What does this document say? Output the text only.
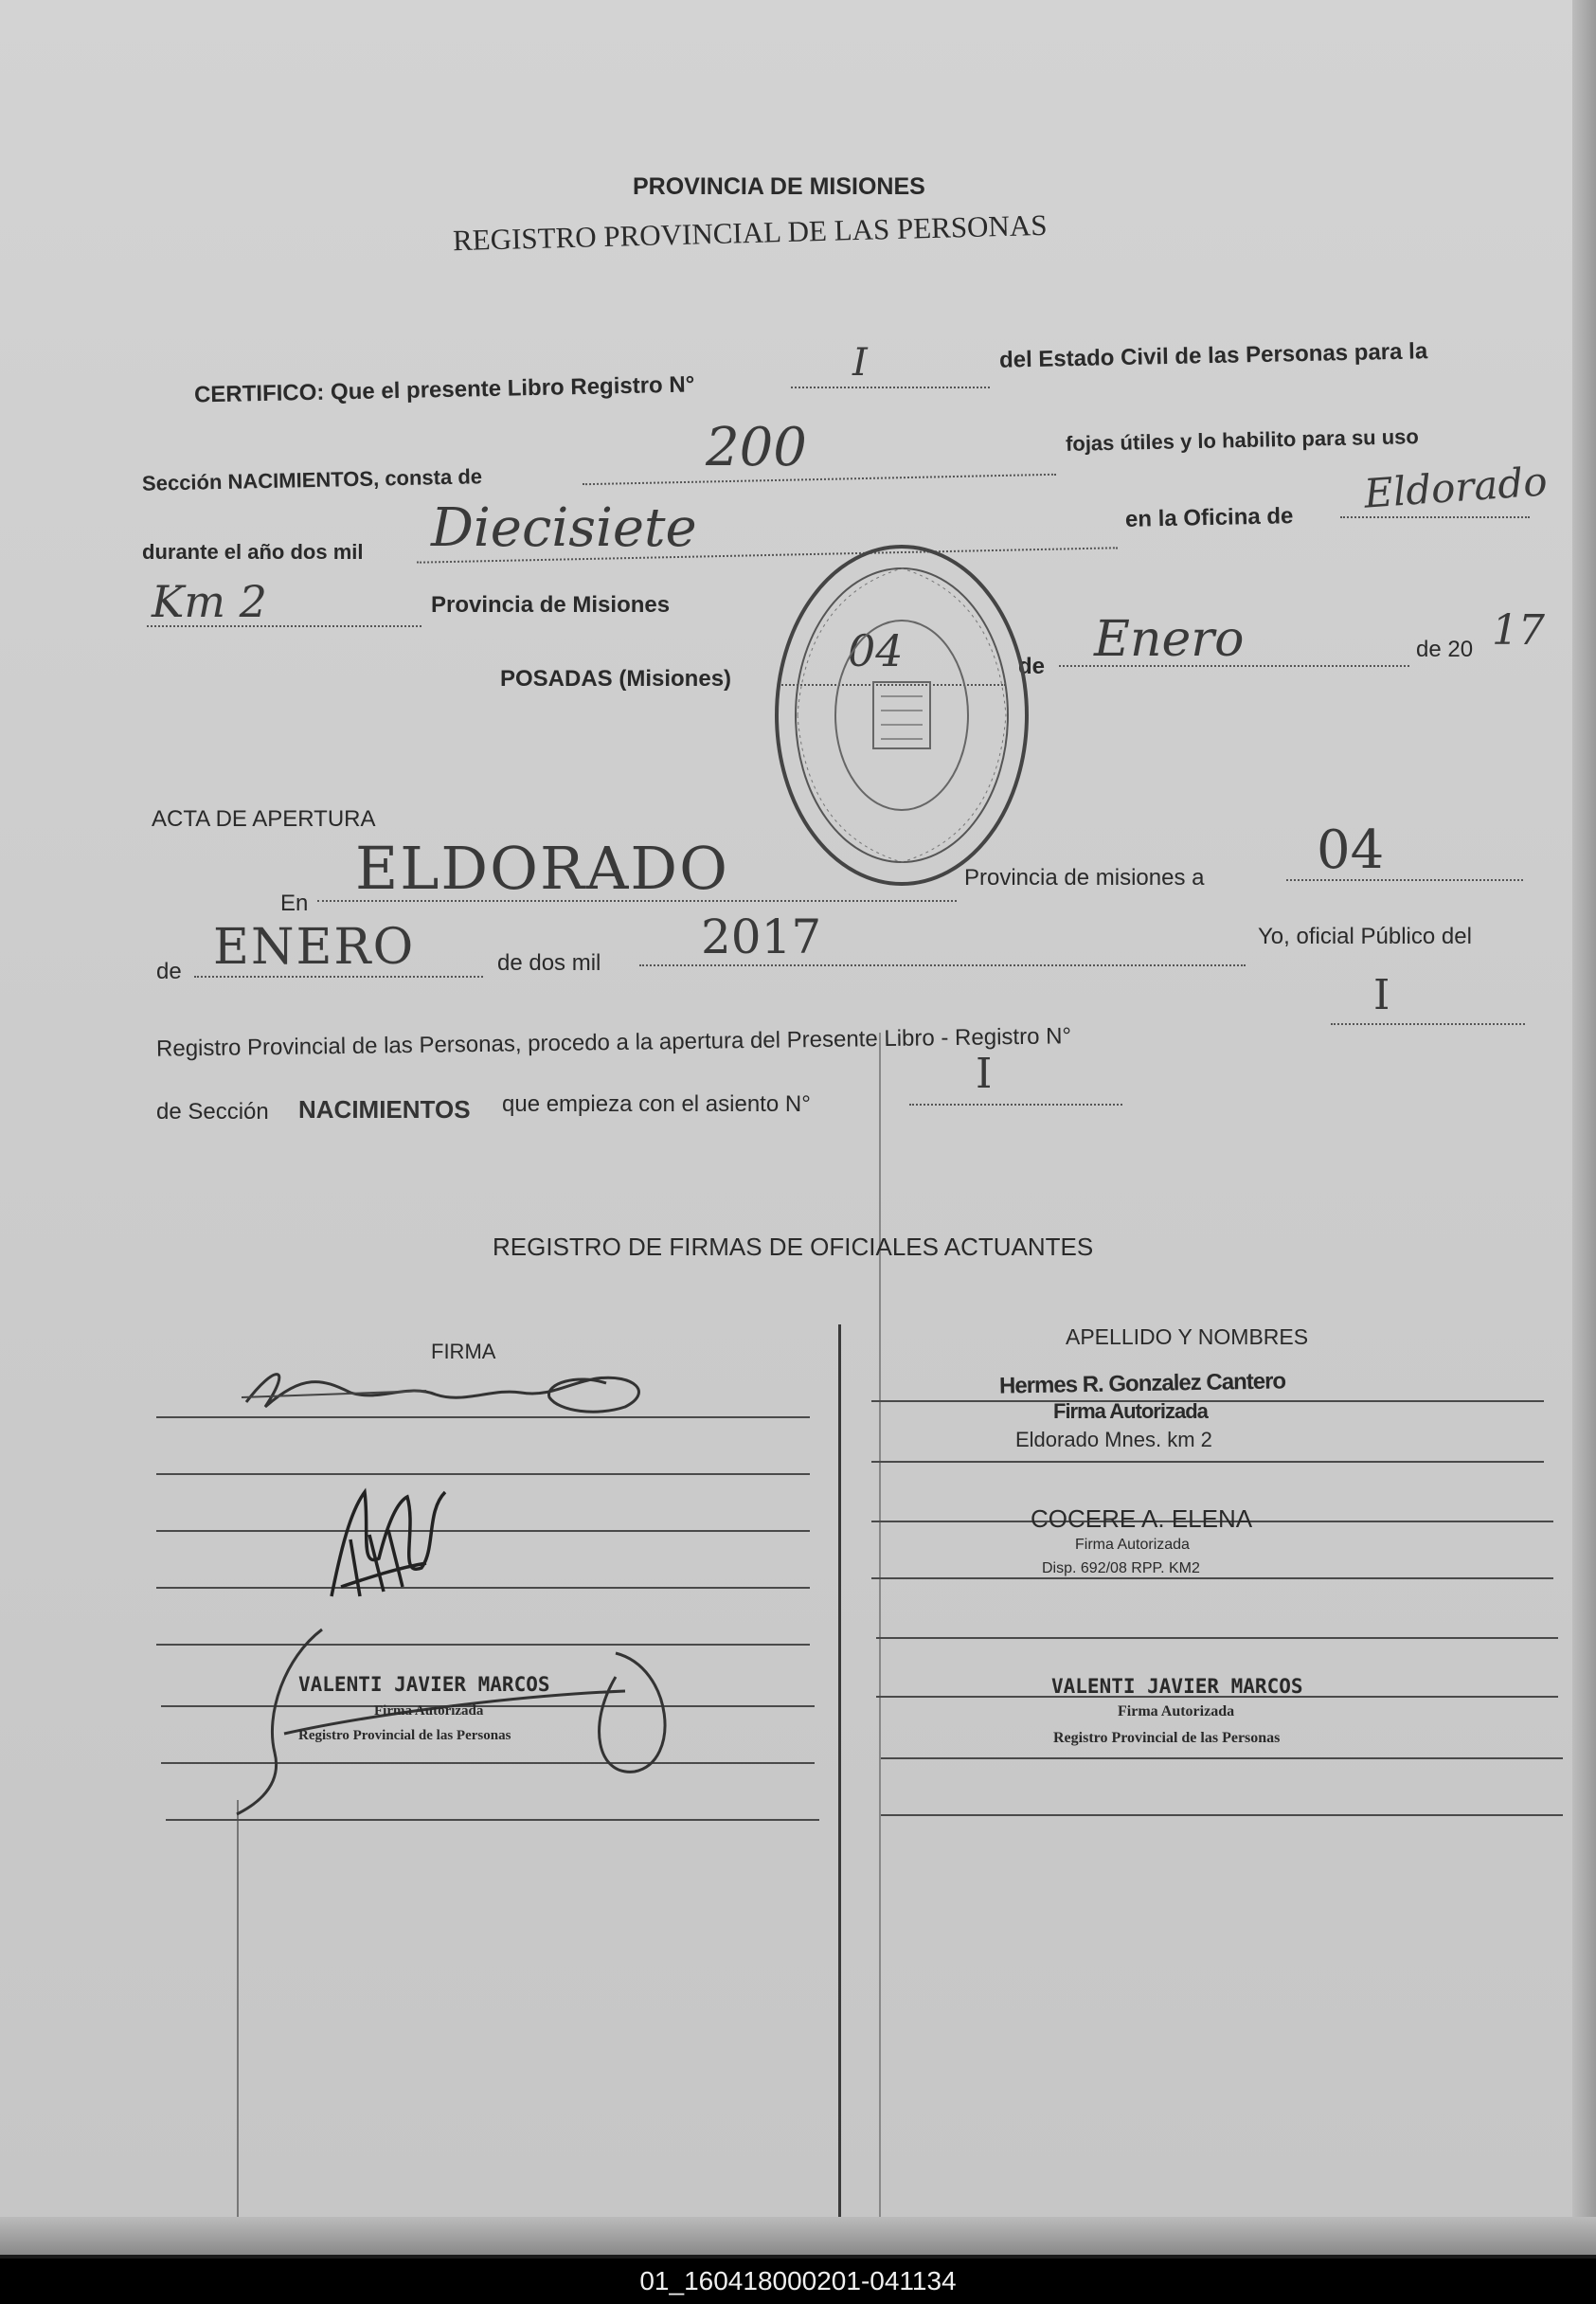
PROVINCIA DE MISIONES
REGISTRO PROVINCIAL DE LAS PERSONAS
CERTIFICO: Que el presente Libro Registro N°
I	del Estado Civil de las Personas para la
Sección NACIMIENTOS, consta de
200	fojas útiles y lo habilito para su uso
durante el año dos mil Diecisiete	en la Oficina de
Eldorado
Km 2	Provincia de Misiones
POSADAS (Misiones)
04	de Enero	de 20 17
ACTA DE APERTURA
En
ELDORADO	Provincia de misiones a 04
de ENERO	de dos mil 2017	Yo, oficial Público del
Registro Provincial de las Personas, procedo a la apertura del Presente Libro - Registro N°
I
de Sección NACIMIENTOS que empieza con el asiento N°
I
REGISTRO DE FIRMAS DE OFICIALES ACTUANTES
FIRMA
APELLIDO Y NOMBRES
VALENTI JAVIER MARCOS
Firma Autorizada
Registro Provincial de las Personas
Hermes R. Gonzalez Cantero
Firma Autorizada
Eldorado Mnes. km 2
COCERE A. ELENA
Firma Autorizada
Disp. 692/08 RPP. KM2
VALENTI JAVIER MARCOS
Firma Autorizada
Registro Provincial de las Personas
01_160418000201-041134
